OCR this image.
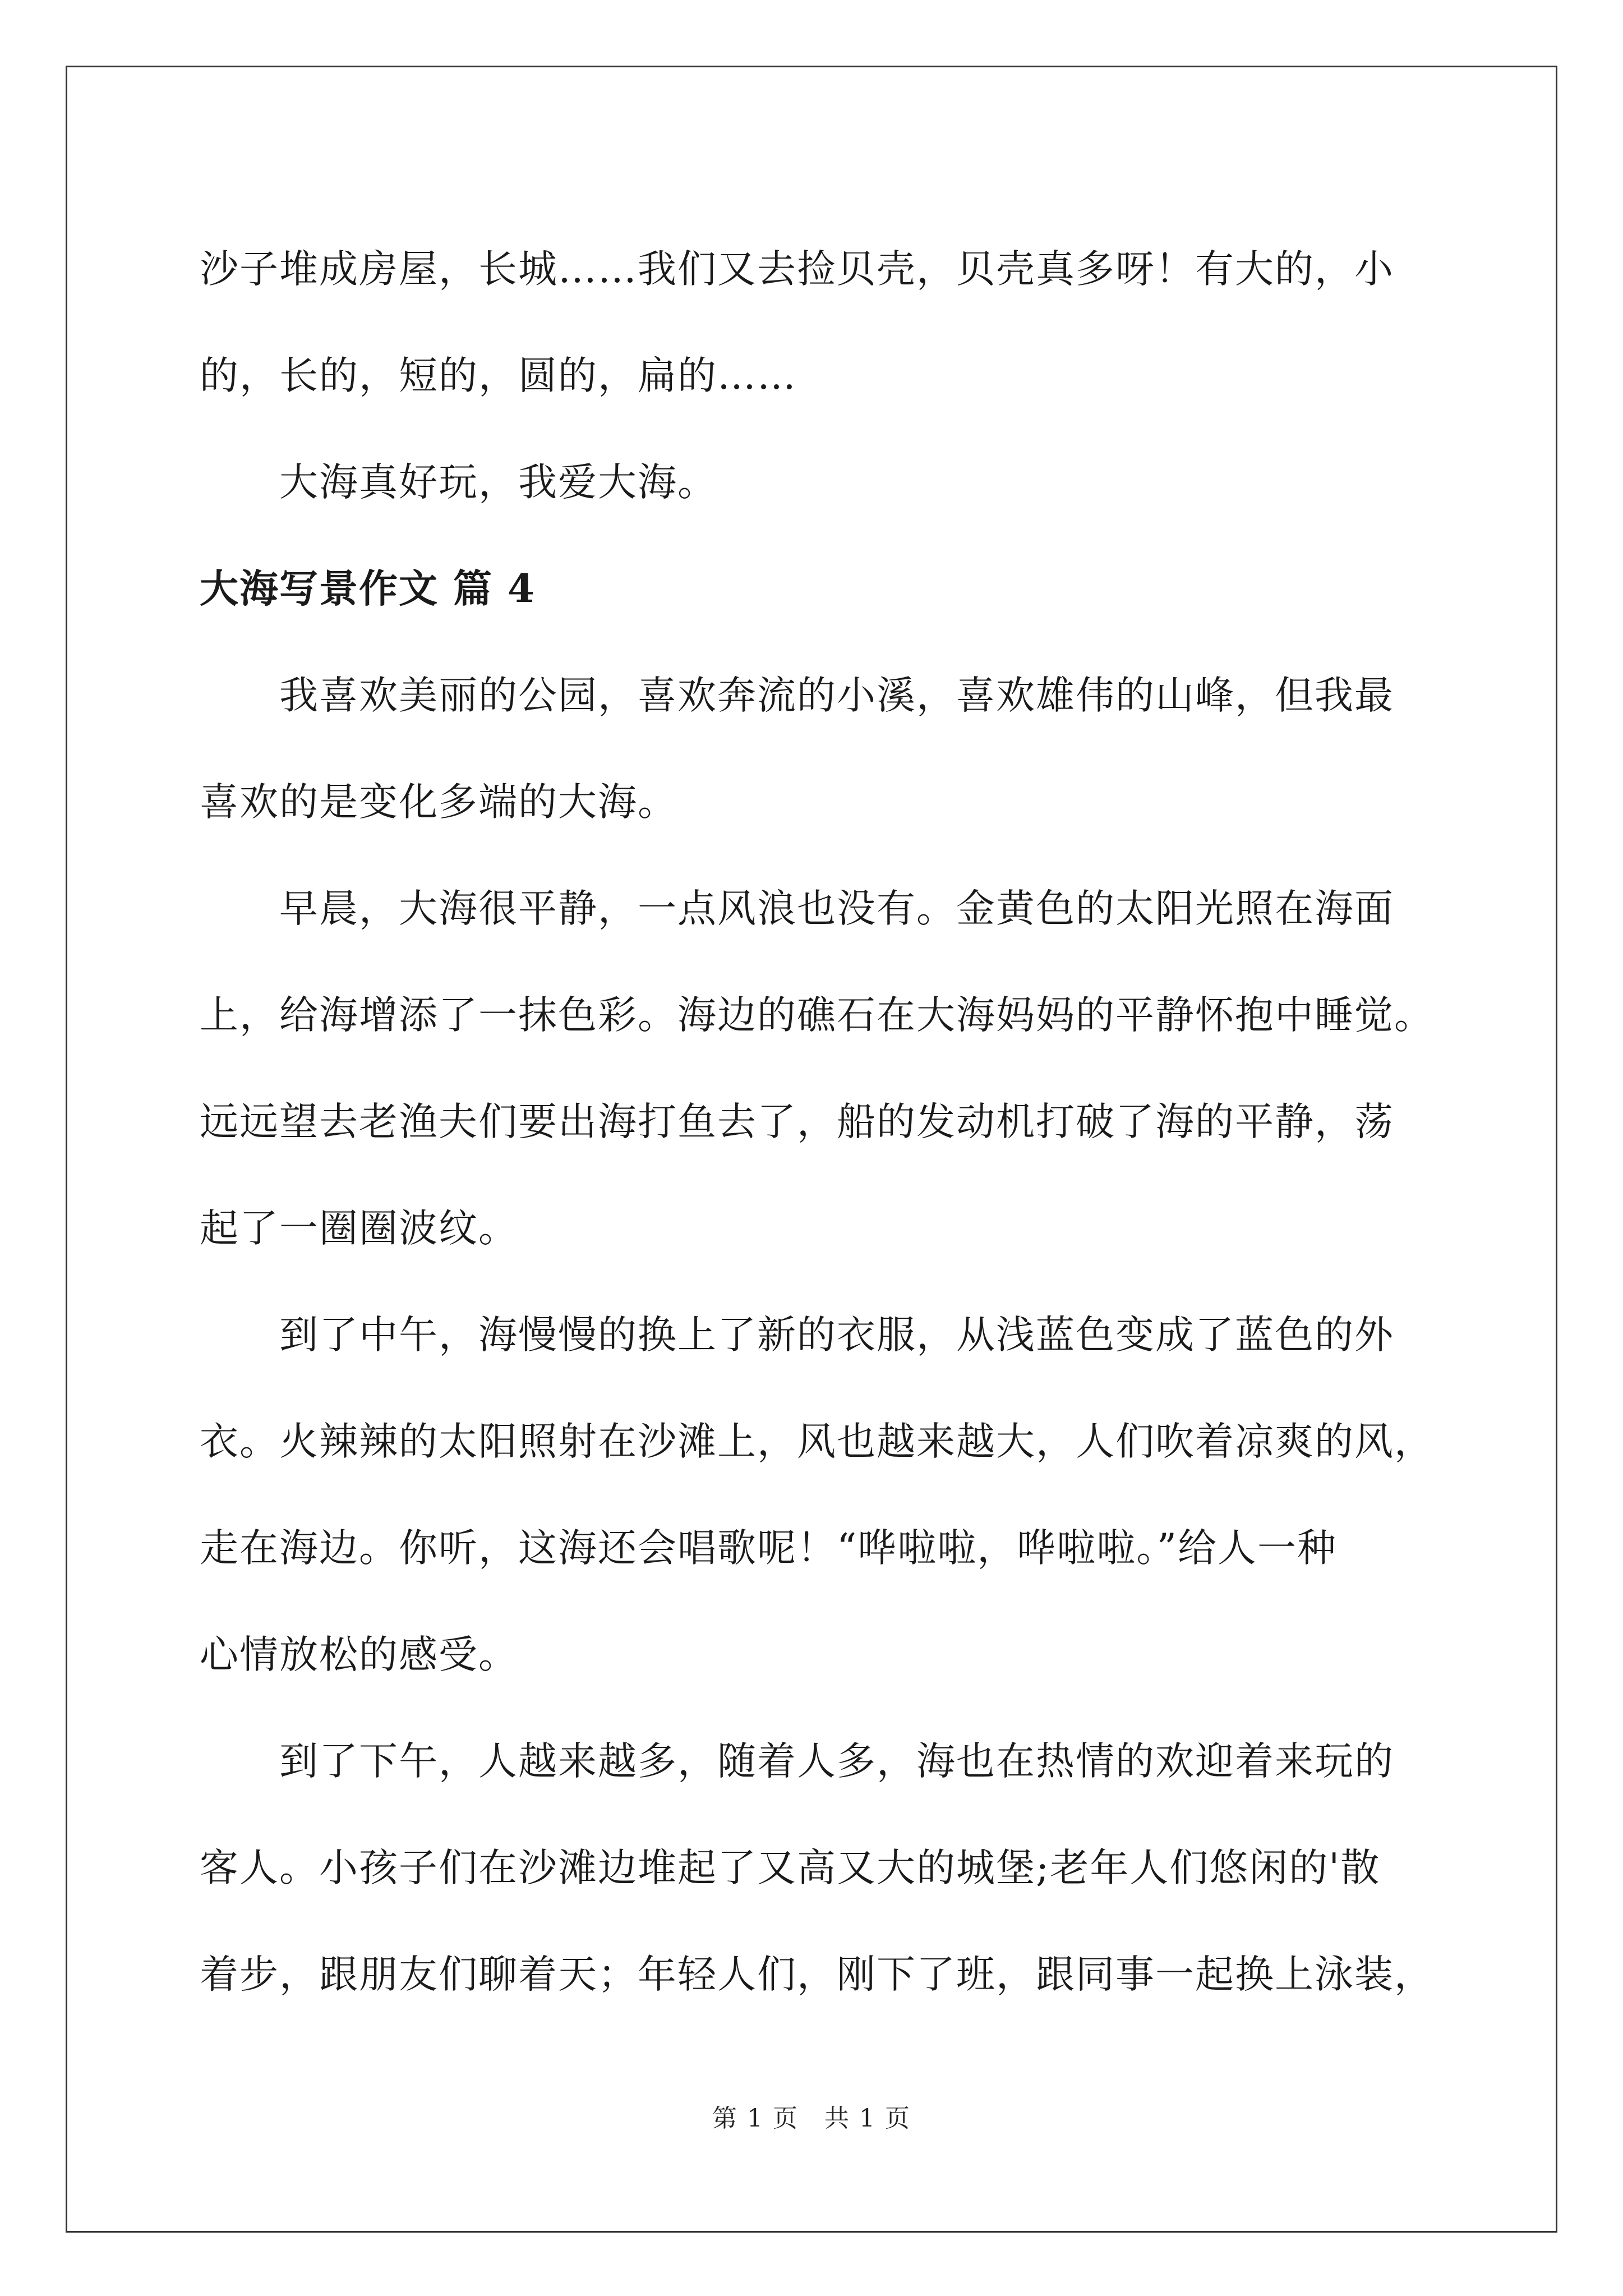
沙子堆成房屋，长城……我们又去捡贝壳，贝壳真多呀！有大的，小
的，长的，短的，圆的，扁的……

大海真好玩，我爱大海。

大海写景作文 篇 4

我喜欢美丽的公园，喜欢奔流的小溪，喜欢雄伟的山峰，但我最
喜欢的是变化多端的大海。

早晨，大海很平静，一点风浪也没有。金黄色的太阳光照在海面
上，给海增添了一抹色彩。海边的礁石在大海妈妈的平静怀抱中睡觉。
远远望去老渔夫们要出海打鱼去了，船的发动机打破了海的平静，荡
起了一圈圈波纹。

到了中午，海慢慢的换上了新的衣服，从浅蓝色变成了蓝色的外
衣。火辣辣的太阳照射在沙滩上，风也越来越大，人们吹着凉爽的风，
走在海边。你听，这海还会唱歌呢！“哗啦啦，哗啦啦。”给人一种
心情放松的感受。

到了下午，人越来越多，随着人多，海也在热情的欢迎着来玩的
客人。小孩子们在沙滩边堆起了又高又大的城堡;老年人们悠闲的'散
着步，跟朋友们聊着天；年轻人们，刚下了班，跟同事一起换上泳装，

第 1 页　共 1 页
